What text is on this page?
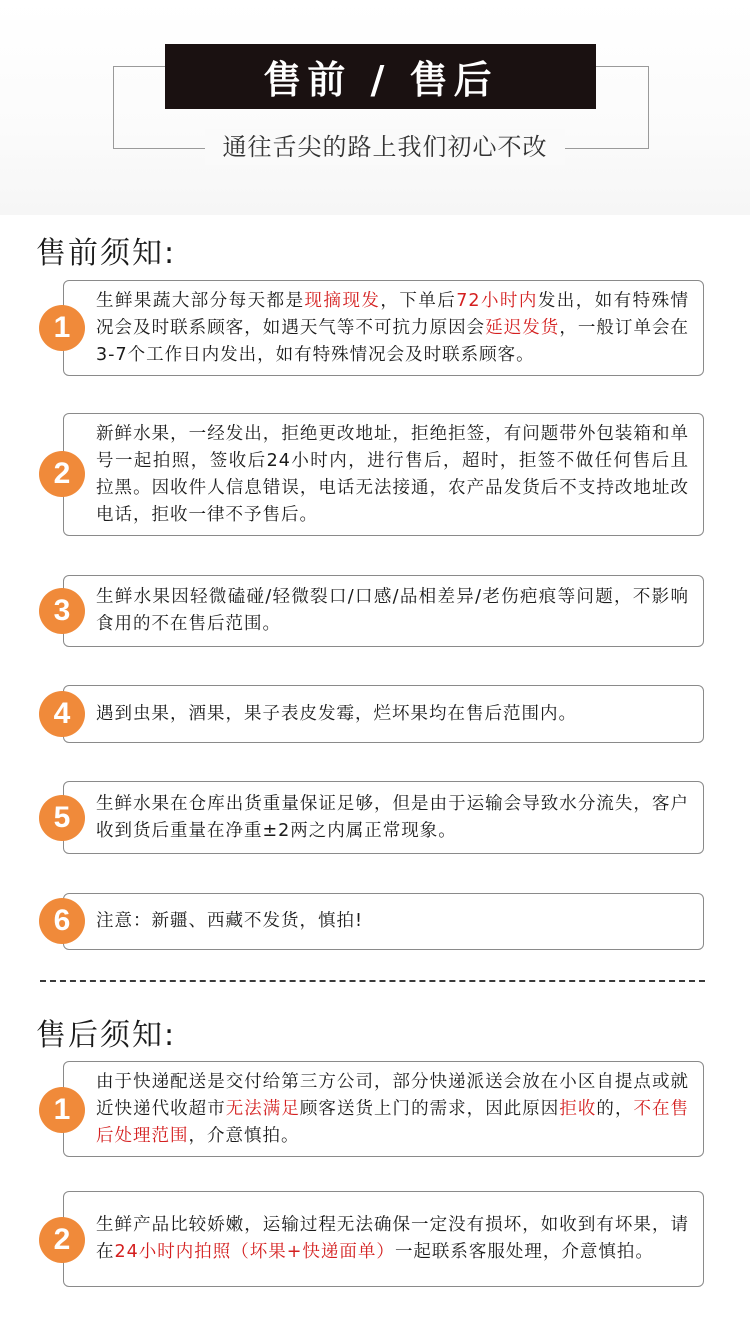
售前 / 售后
通往舌尖的路上我们初心不改
售前须知:

生鲜果蔬大部分每天都是现摘现发，下单后72小时内发出，如有特殊情况会及时联系顾客，如遇天气等不可抗力原因会延迟发货，一般订单会在3-7个工作日内发出，如有特殊情况会及时联系顾客。

1

新鲜水果，一经发出，拒绝更改地址，拒绝拒签，有问题带外包装箱和单号一起拍照，签收后24小时内，进行售后，超时，拒签不做任何售后且拉黑。因收件人信息错误，电话无法接通，农产品发货后不支持改地址改电话，拒收一律不予售后。

2

生鲜水果因轻微磕碰/轻微裂口/口感/品相差异/老伤疤痕等问题，不影响食用的不在售后范围。

3

遇到虫果，酒果，果子表皮发霉，烂坏果均在售后范围内。

4

生鲜水果在仓库出货重量保证足够，但是由于运输会导致水分流失，客户收到货后重量在净重±2两之内属正常现象。

5

注意：新疆、西藏不发货，慎拍!

6
售后须知:

由于快递配送是交付给第三方公司，部分快递派送会放在小区自提点或就近快递代收超市无法满足顾客送货上门的需求，因此原因拒收的，不在售后处理范围，介意慎拍。

1

生鲜产品比较娇嫩，运输过程无法确保一定没有损坏，如收到有坏果，请在24小时内拍照（坏果+快递面单）一起联系客服处理，介意慎拍。

2
